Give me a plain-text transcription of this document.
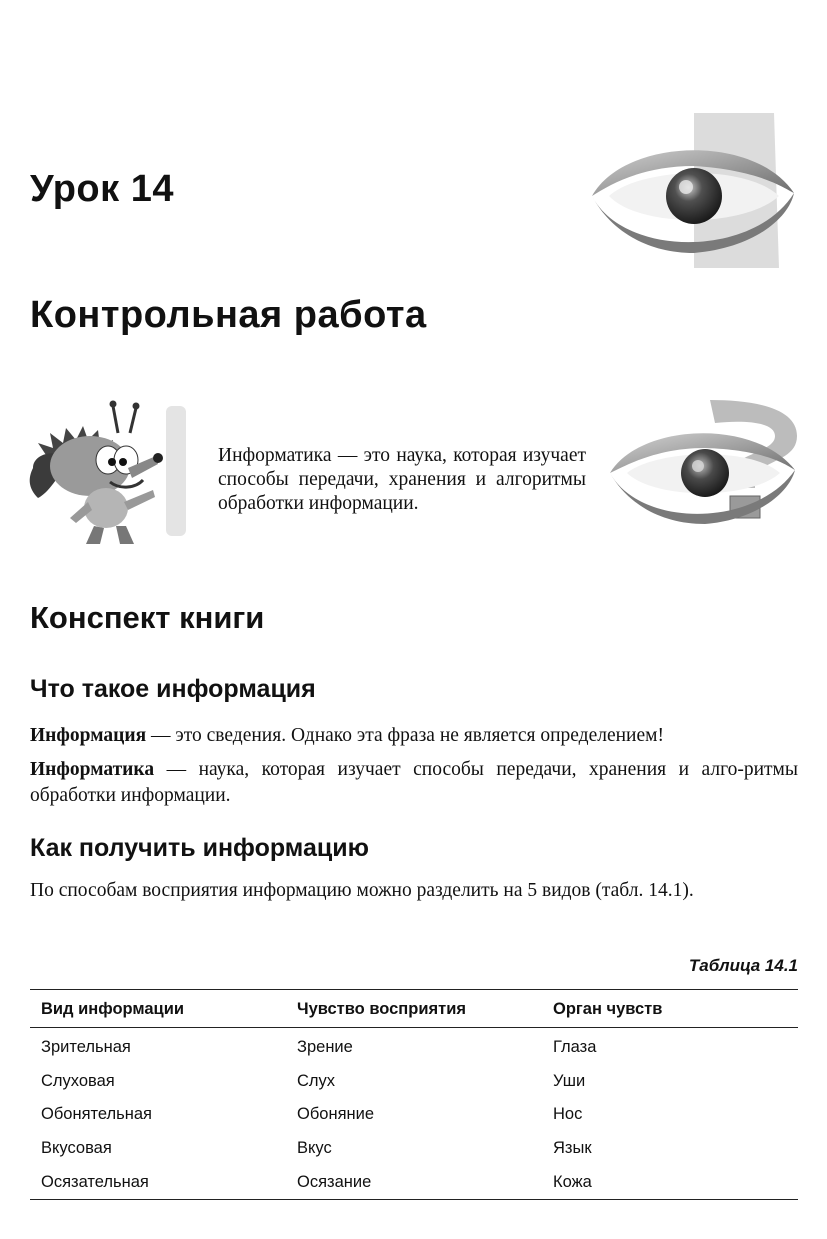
Урок 14
Контрольная работа
Информатика — это наука, которая изучает способы передачи, хранения и алгоритмы обработки информации.
Конспект книги
Что такое информация
Информация — это сведения. Однако эта фраза не является определением!
Информатика — наука, которая изучает способы передачи, хранения и алго-ритмы обработки информации.
Как получить информацию
По способам восприятия информацию можно разделить на 5 видов (табл. 14.1).
Таблица 14.1
Вид информации	Чувство восприятия	Орган чувств
Зрительная	Зрение	Глаза
Слуховая	Слух	Уши
Обонятельная	Обоняние	Нос
Вкусовая	Вкус	Язык
Осязательная	Осязание	Кожа
